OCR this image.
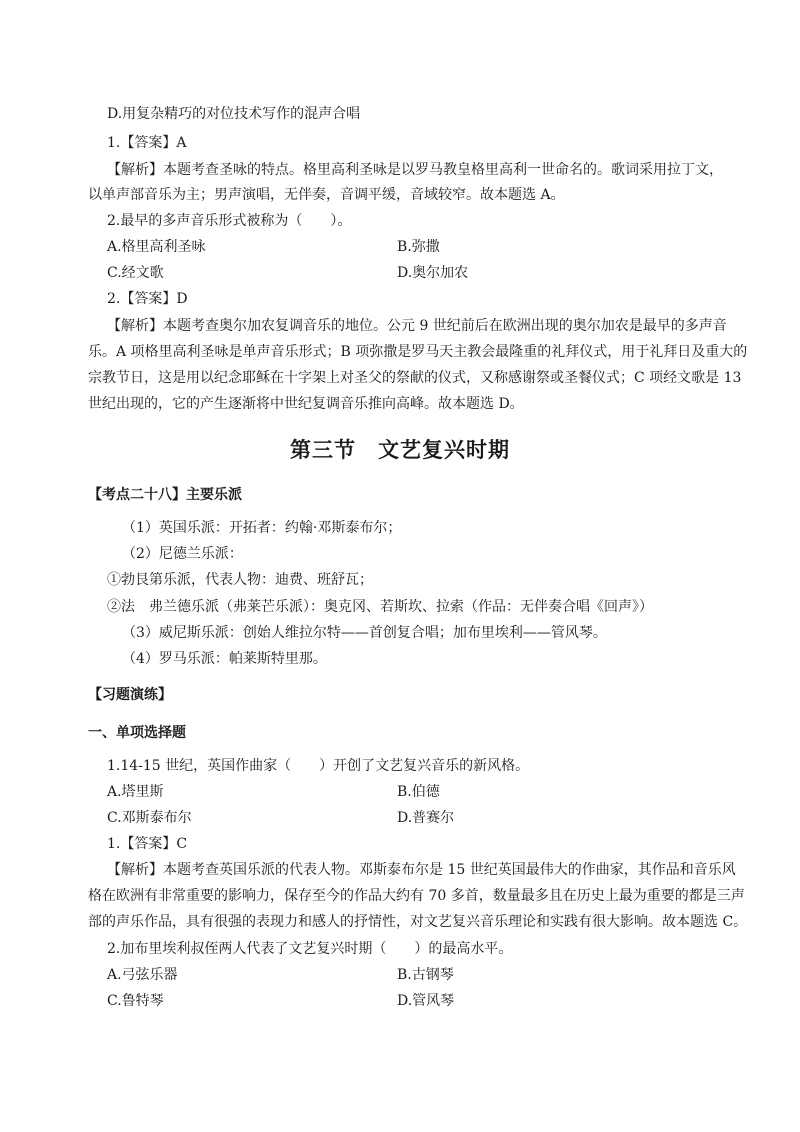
D.用复杂精巧的对位技术写作的混声合唱
1.【答案】A
【解析】本题考查圣咏的特点。格里高利圣咏是以罗马教皇格里高利一世命名的。歌词采用拉丁文，
以单声部音乐为主；男声演唱，无伴奏，音调平缓，音域较窄。故本题选 A。
2.最早的多声音乐形式被称为（　　）。
A.格里高利圣咏	B.弥撒
C.经文歌	D.奥尔加农
2.【答案】D
【解析】本题考查奥尔加农复调音乐的地位。公元 9 世纪前后在欧洲出现的奥尔加农是最早的多声音
乐。A 项格里高利圣咏是单声音乐形式；B 项弥撒是罗马天主教会最隆重的礼拜仪式，用于礼拜日及重大的
宗教节日，这是用以纪念耶稣在十字架上对圣父的祭献的仪式，又称感谢祭或圣餐仪式；C 项经文歌是 13
世纪出现的，它的产生逐渐将中世纪复调音乐推向高峰。故本题选 D。
第三节 文艺复兴时期
【考点二十八】主要乐派
（1）英国乐派：开拓者：约翰·邓斯泰布尔；
（2）尼德兰乐派：
①勃艮第乐派，代表人物：迪费、班舒瓦；
②法　弗兰德乐派（弗莱芒乐派）：奥克冈、若斯坎、拉索（作品：无伴奏合唱《回声》）
（3）威尼斯乐派：创始人维拉尔特——首创复合唱；加布里埃利——管风琴。
（4）罗马乐派：帕莱斯特里那。
【习题演练】
一、单项选择题
1.14-15 世纪，英国作曲家（　　）开创了文艺复兴音乐的新风格。
A.塔里斯	B.伯德
C.邓斯泰布尔	D.普赛尔
1.【答案】C
【解析】本题考查英国乐派的代表人物。邓斯泰布尔是 15 世纪英国最伟大的作曲家，其作品和音乐风
格在欧洲有非常重要的影响力，保存至今的作品大约有 70 多首，数量最多且在历史上最为重要的都是三声
部的声乐作品，具有很强的表现力和感人的抒情性，对文艺复兴音乐理论和实践有很大影响。故本题选 C。
2.加布里埃利叔侄两人代表了文艺复兴时期（　　）的最高水平。
A.弓弦乐器	B.古钢琴
C.鲁特琴	D.管风琴
